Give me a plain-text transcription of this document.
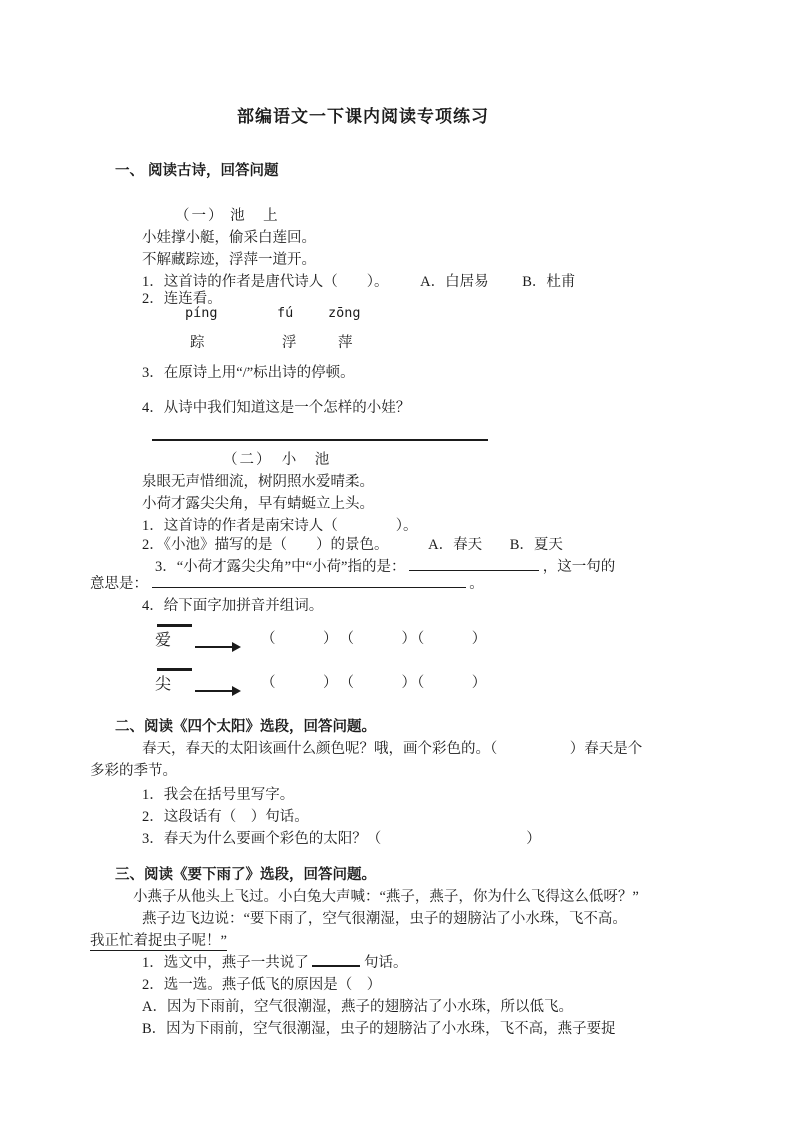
部编语文一下课内阅读专项练习
一、 阅读古诗，回答问题
（一） 池　上
小娃撑小艇，偷采白莲回。
不解藏踪迹，浮萍一道开。
1．这首诗的作者是唐代诗人（　　）。 A．白居易 B．杜甫
2．连连看。
píng	fú	zōng
踪	浮	萍
3．在原诗上用“/”标出诗的停顿。
4．从诗中我们知道这是一个怎样的小娃？
（二）　小　池
泉眼无声惜细流，树阴照水爱晴柔。
小荷才露尖尖角，早有蜻蜓立上头。
1．这首诗的作者是南宋诗人（　　　　）。
2．《小池》描写的是（　　）的景色。	A．春天 B．夏天
3．“小荷才露尖尖角”中“小荷”指的是：	，这一句的
意思是：	。
4．给下面字加拼音并组词。
爱	（　　　）　（　　　）（　　　）
尖	（　　　）　（　　　）（　　　）
二、阅读《四个太阳》选段，回答问题。
春天，春天的太阳该画什么颜色呢？哦，画个彩色的。（　　　　　）春天是个
多彩的季节。
1．我会在括号里写字。
2．这段话有（　）句话。
3．春天为什么要画个彩色的太阳？（　　　　　　　　　　）
三、阅读《要下雨了》选段，回答问题。
小燕子从他头上飞过。小白兔大声喊：“燕子，燕子，你为什么飞得这么低呀？”
燕子边飞边说：“要下雨了，空气很潮湿，虫子的翅膀沾了小水珠，飞不高。
我正忙着捉虫子呢！”
1．选文中，燕子一共说了	句话。
2．选一选。燕子低飞的原因是（　）
A．因为下雨前，空气很潮湿，燕子的翅膀沾了小水珠，所以低飞。
B．因为下雨前，空气很潮湿，虫子的翅膀沾了小水珠，飞不高，燕子要捉
